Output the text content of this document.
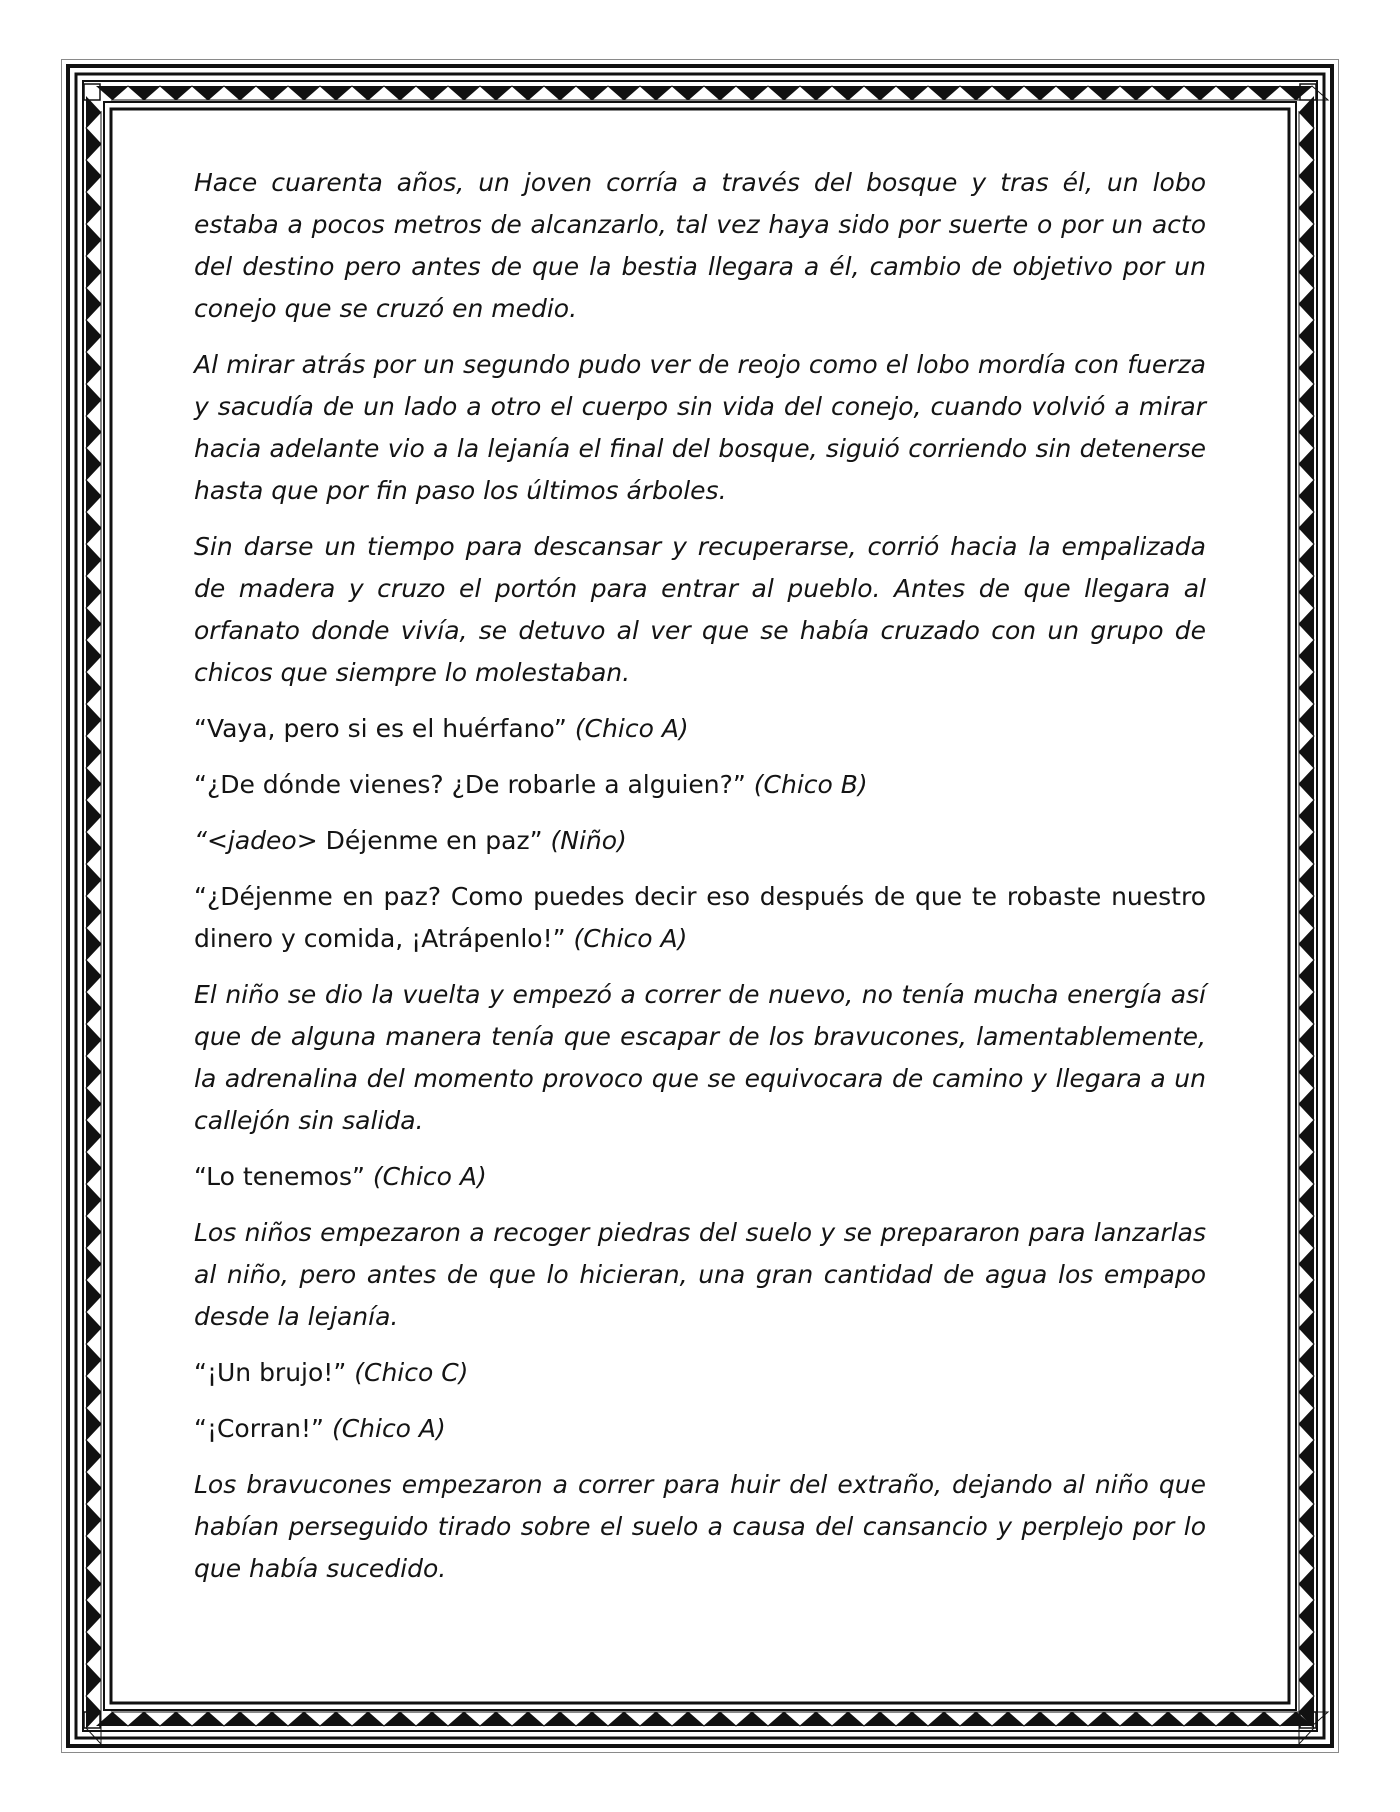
Hace cuarenta años, un joven corría a través del bosque y tras él, un lobo estaba a pocos metros de alcanzarlo, tal vez haya sido por suerte o por un acto del destino pero antes de que la bestia llegara a él, cambio de objetivo por un conejo que se cruzó en medio.

Al mirar atrás por un segundo pudo ver de reojo como el lobo mordía con fuerza y sacudía de un lado a otro el cuerpo sin vida del conejo, cuando volvió a mirar hacia adelante vio a la lejanía el final del bosque, siguió corriendo sin detenerse hasta que por fin paso los últimos árboles.

Sin darse un tiempo para descansar y recuperarse, corrió hacia la empalizada de madera y cruzo el portón para entrar al pueblo. Antes de que llegara al orfanato donde vivía, se detuvo al ver que se había cruzado con un grupo de chicos que siempre lo molestaban.

“Vaya, pero si es el huérfano” (Chico A)

“¿De dónde vienes? ¿De robarle a alguien?” (Chico B)

“<jadeo> Déjenme en paz” (Niño)

“¿Déjenme en paz? Como puedes decir eso después de que te robaste nuestro dinero y comida, ¡Atrápenlo!” (Chico A)

El niño se dio la vuelta y empezó a correr de nuevo, no tenía mucha energía así que de alguna manera tenía que escapar de los bravucones, lamentablemente, la adrenalina del momento provoco que se equivocara de camino y llegara a un callejón sin salida.

“Lo tenemos” (Chico A)

Los niños empezaron a recoger piedras del suelo y se prepararon para lanzarlas al niño, pero antes de que lo hicieran, una gran cantidad de agua los empapo desde la lejanía.

“¡Un brujo!” (Chico C)

“¡Corran!” (Chico A)

Los bravucones empezaron a correr para huir del extraño, dejando al niño que habían perseguido tirado sobre el suelo a causa del cansancio y perplejo por lo que había sucedido.
